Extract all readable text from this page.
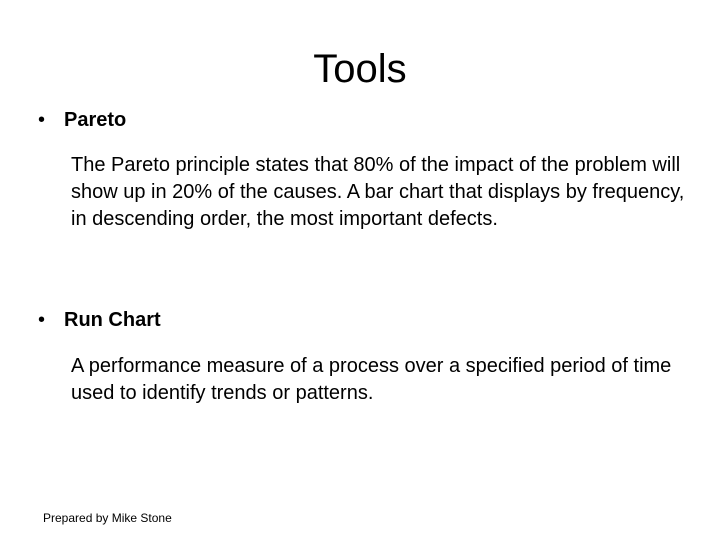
Tools
• Pareto

The Pareto principle states that 80% of the impact of the problem will show up in 20% of the causes. A bar chart that displays by frequency, in descending order, the most important defects.

• Run Chart

A performance measure of a process over a specified period of time used to identify trends or patterns.

Prepared by Mike Stone
